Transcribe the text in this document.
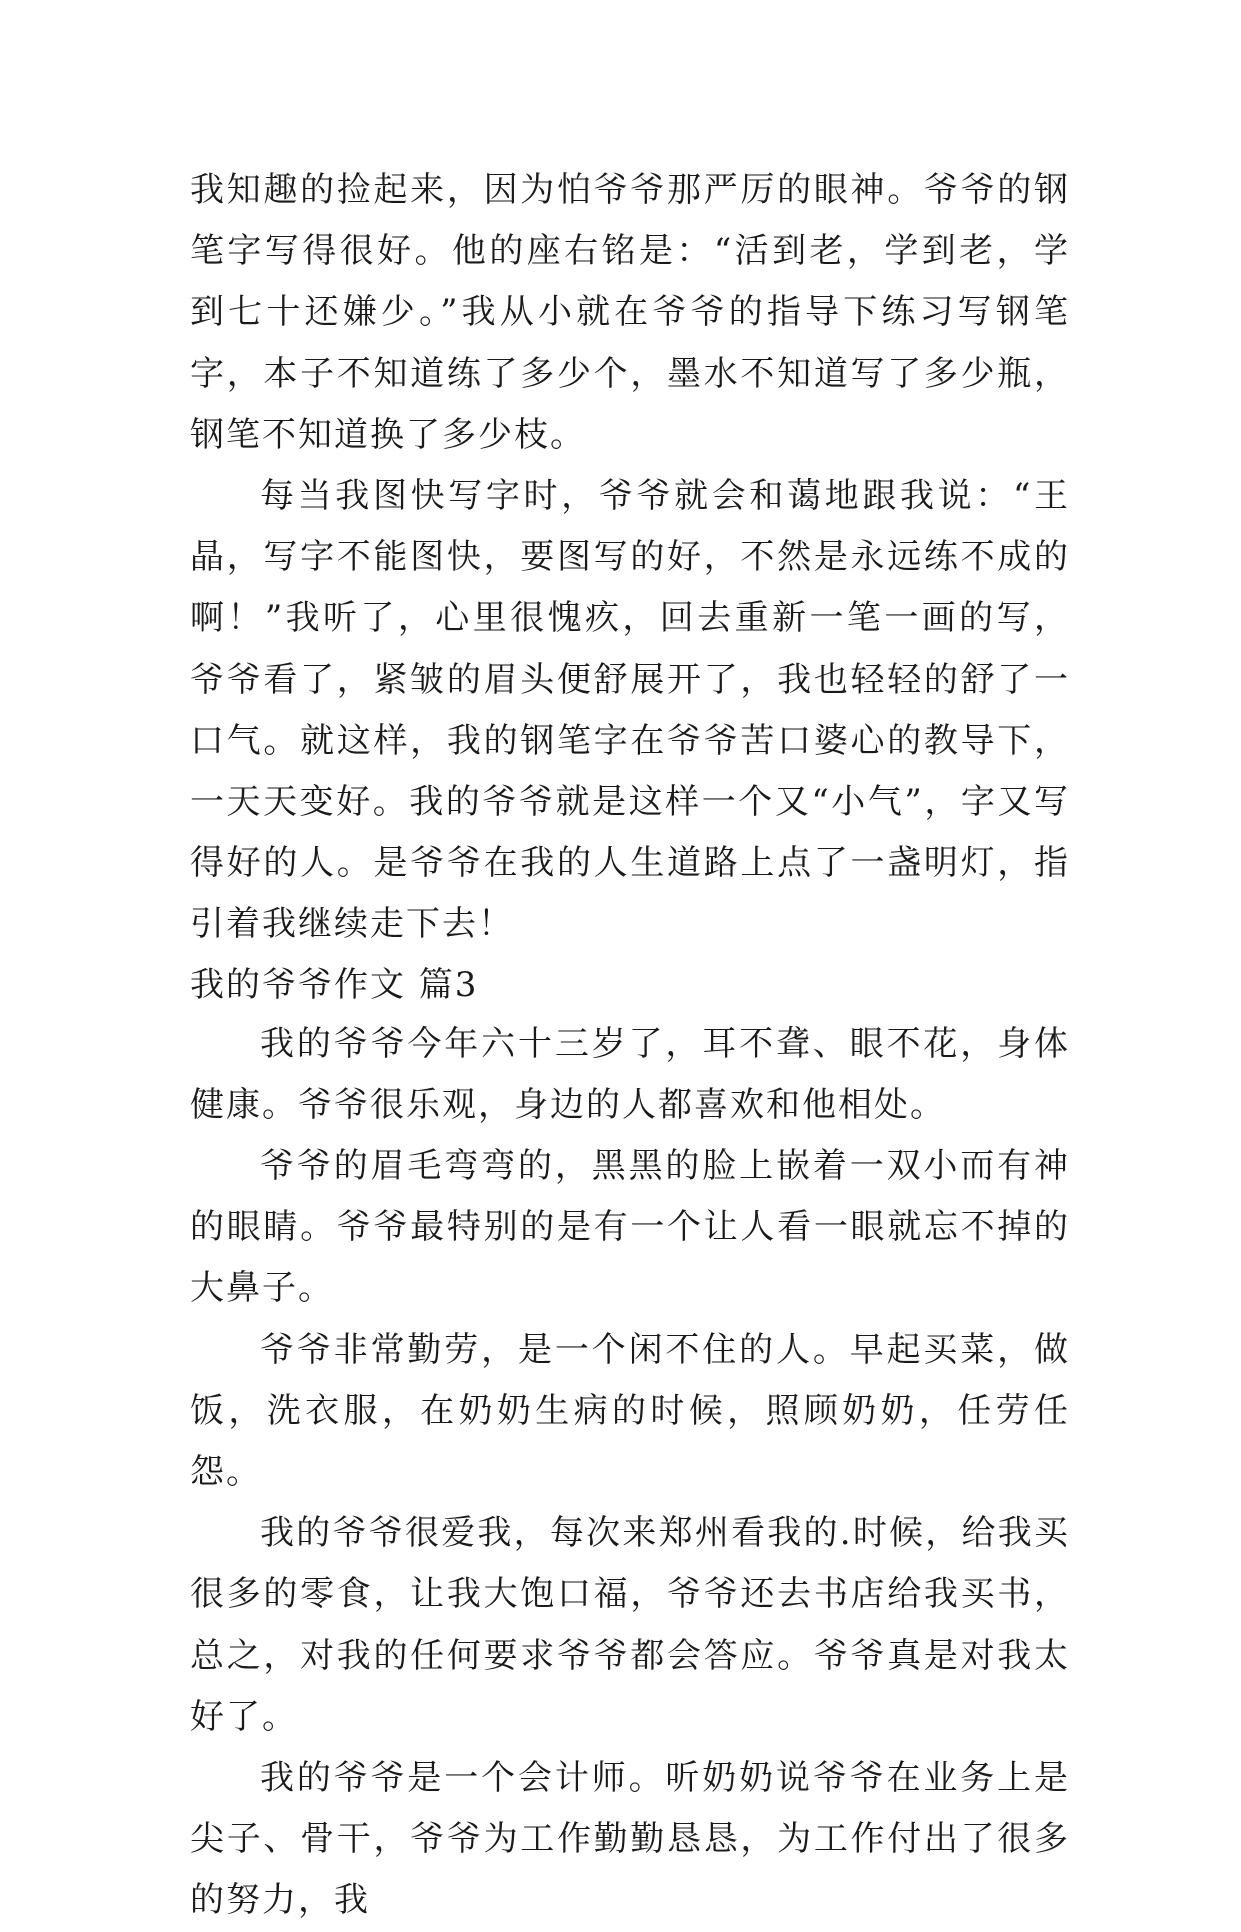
我知趣的捡起来，因为怕爷爷那严厉的眼神。爷爷的钢笔字写得很好。他的座右铭是：“活到老，学到老，学到七十还嫌少。”我从小就在爷爷的指导下练习写钢笔字，本子不知道练了多少个，墨水不知道写了多少瓶，钢笔不知道换了多少枝。

每当我图快写字时，爷爷就会和蔼地跟我说：“王晶，写字不能图快，要图写的好，不然是永远练不成的啊！”我听了，心里很愧疚，回去重新一笔一画的写，爷爷看了，紧皱的眉头便舒展开了，我也轻轻的舒了一口气。就这样，我的钢笔字在爷爷苦口婆心的教导下，一天天变好。我的爷爷就是这样一个又“小气”，字又写得好的人。是爷爷在我的人生道路上点了一盏明灯，指引着我继续走下去！

我的爷爷作文 篇3

我的爷爷今年六十三岁了，耳不聋、眼不花，身体健康。爷爷很乐观，身边的人都喜欢和他相处。

爷爷的眉毛弯弯的，黑黑的脸上嵌着一双小而有神的眼睛。爷爷最特别的是有一个让人看一眼就忘不掉的大鼻子。

爷爷非常勤劳，是一个闲不住的人。早起买菜，做饭，洗衣服，在奶奶生病的时候，照顾奶奶，任劳任怨。

我的爷爷很爱我，每次来郑州看我的.时候，给我买很多的零食，让我大饱口福，爷爷还去书店给我买书，总之，对我的任何要求爷爷都会答应。爷爷真是对我太好了。

我的爷爷是一个会计师。听奶奶说爷爷在业务上是尖子、骨干，爷爷为工作勤勤恳恳，为工作付出了很多的努力，我
